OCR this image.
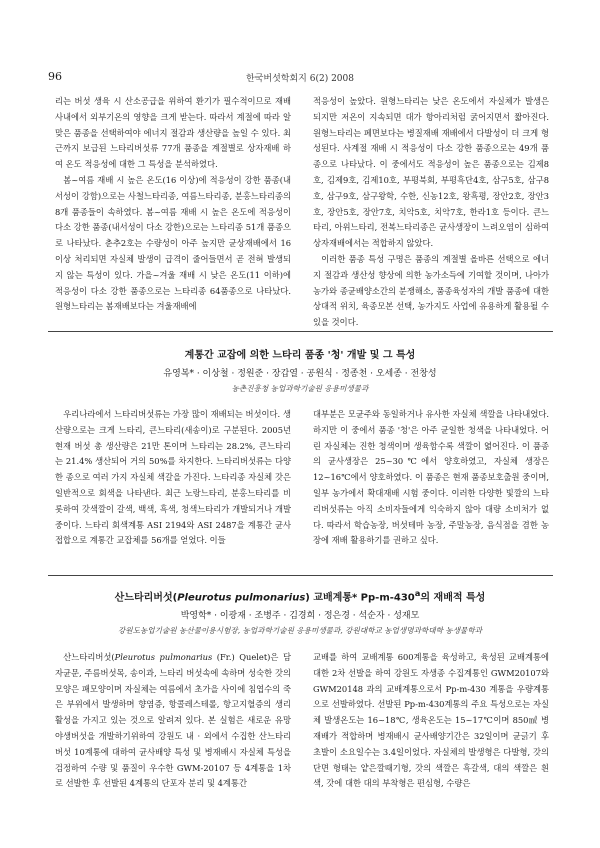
96	한국버섯학회지 6(2) 2008

리는 버섯 생육 시 산소공급을 위하여 환기가 필수적이므로 재배사내에서 외부기온의 영향을 크게 받는다. 따라서 계절에 따라 알맞은 품종을 선택하여야 에너지 절감과 생산량을 높일 수 있다. 최근까지 보급된 느타리버섯류 77개 품종을 계절별로 상자재배 하여 온도 적응성에 대한 그 특성을 분석하였다.

봄~여름 재배 시 높은 온도(16 이상)에 적응성이 강한 품종(내서성이 강함)으로는 사철느타리종, 여름느타리종, 분홍느타리종의 8개 품종들이 속하였다. 봄~여름 재배 시 높은 온도에 적응성이 다소 강한 품종(내서성이 다소 강한)으로는 느타리종 51개 품종으로 나타났다. 춘추2호는 수량성이 아주 높지만 균상재배에서 16 이상 처리되면 자실체 발생이 급격이 줄어들면서 곧 전혀 발생되지 않는 특성이 있다. 가을~겨울 재배 시 낮은 온도(11 이하)에 적응성이 다소 강한 품종으로는 느타리종 64품종으로 나타났다. 원형느타리는 봄재배보다는 겨울재배에

적응성이 높았다. 원형느타리는 낮은 온도에서 자실체가 발생은 되지만 저온이 지속되면 대가 항아리처럼 굵어지면서 짧아진다. 원형느타리는 페면보다는 병질재배 재배에서 다발성이 더 크게 형성된다. 사계절 재배 시 적응성이 다소 강한 품종으로는 49개 품종으로 나타났다. 이 중에서도 적응성이 높은 품종으로는 김제8호, 김제9호, 김제10호, 부평북회, 부평흑단4호, 삼구5호, 삼구8호, 삼구9호, 삼구왕학, 수한, 신농12호, 왕흑평, 장안2호, 장안3호, 장안5호, 장안7호, 치악5호, 치악7호, 한라1호 등이다. 큰느타리, 아위느타리, 전복느타리종은 균사생장이 느려오염이 심하여 상자재배에서는 적합하지 않았다.

이러한 품종 특성 구명은 품종의 계절별 올바른 선택으로 에너지 절감과 생산성 향상에 의한 농가소득에 기여할 것이며, 나아가 농가와 종균배양소간의 분쟁해소, 품종육성자의 개발 품종에 대한 상대적 위치, 육종모본 선택, 농가지도 사업에 유용하게 활용될 수 있을 것이다.

계통간 교잡에 의한 느타리 품종 '청' 개발 및 그 특성
유영복* · 이상철 · 정원준 · 장갑열 · 공원식 · 정종천 · 오세종 · 전창성
농촌진흥청 농업과학기술원 응용미생물과

우리나라에서 느타리버섯류는 가장 많이 재배되는 버섯이다. 생산량으로는 크게 느타리, 큰느타리(새송이)로 구분된다. 2005년 현재 버섯 총 생산량은 21만 톤이며 느타리는 28.2%, 큰느타리는 21.4% 생산되어 거의 50%를 차지한다. 느타리버섯류는 다양한 종으로 여러 가지 자실체 색갈을 가진다. 느타리종 자실체 갓은 일반적으로 회색을 나타낸다. 최근 노랑느타리, 분홍느타리를 비롯하여 갓색깔이 갈색, 백색, 흑색, 청색느타리가 개발되거나 개발중이다. 느타리 회색계통 ASI 2194와 ASI 2487을 계통간 균사접합으로 계통간 교잡체를 56개를 얻었다. 이들

대부분은 모균주와 동일하거나 유사한 자실체 색깔을 나타내었다. 하지만 이 중에서 품종 '청'은 아주 균일한 청색을 나타내었다. 어린 자실체는 진한 청색이며 생육함수록 색깔이 엷어진다. 이 품종의 균사생장은 25~30℃에서 양호하였고, 자실체 생장은 12~16℃에서 양호하였다. 이 품종은 현재 품종보호출원 중이며, 일부 농가에서 확대재배 시험 중이다. 이러한 다양한 빛깔의 느타리버섯류는 아직 소비자들에게 익숙하지 않아 대량 소비처가 없다. 따라서 학습농장, 버섯테마 농장, 주말농장, 음식점을 겸한 농장에 재배 활용하기를 권하고 싶다.

산느타리버섯(Pleurotus pulmonarius) 교배계통* Pp-m-430$^a$의 재배적 특성
박영학* · 이광재 · 조병주 · 김경희 · 정은경 · 석순자 · 성재모
강원도농업기술원 농산물이용시험장, 농업과학기술원 응용미생물과, 강원대학교 농업생명과학대학 농생물학과

산느타리버섯(Pleurotus pulmonarius (Fr.) Quelet)은 담자균문, 주름버섯목, 송이과, 느타리 버섯속에 속하며 성숙한 갓의 모양은 패모양이며 자실체는 여름에서 초가을 사이에 침엽수의 죽은 부위에서 발생하며 향염증, 항콜레스테롤, 항고지혈증의 생리활성을 가지고 있는 것으로 알려져 있다. 본 실험은 새로운 유망 야생버섯을 개발하기위하여 강원도 내 · 외에서 수집한 산느타리버섯 10계통에 대하여 균사배양 특성 및 병재배시 자실체 특성을 검정하여 수량 및 품질이 우수한 GWM-20107 등 4계통을 1차로 선발한 후 선발된 4계통의 단포자 분리 및 4계통간

교배를 하여 교배계통 600계통을 육성하고, 육성된 교배계통에 대한 2차 선발을 하여 강원도 자생종 수집계통인 GWM20107와 GWM20148 과의 교배계통으로서 Pp-m-430 계통을 우량계통으로 선발하였다. 선발된 Pp-m-430계통의 주요 특성으로는 자실체 발생온도는 16~18℃, 생육온도는 15~17℃이며 850㎖ 병재배가 적합하며 병재배시 균사배양기간은 32일이며 균긁기 후 초발이 소요일수는 3.4일이었다. 자실체의 발생형은 다발형, 갓의 단면 형태는 얕은깔때기형, 갓의 색깔은 흑갈색, 대의 색깔은 흰색, 갓에 대한 대의 부착형은 편심형, 수량은
